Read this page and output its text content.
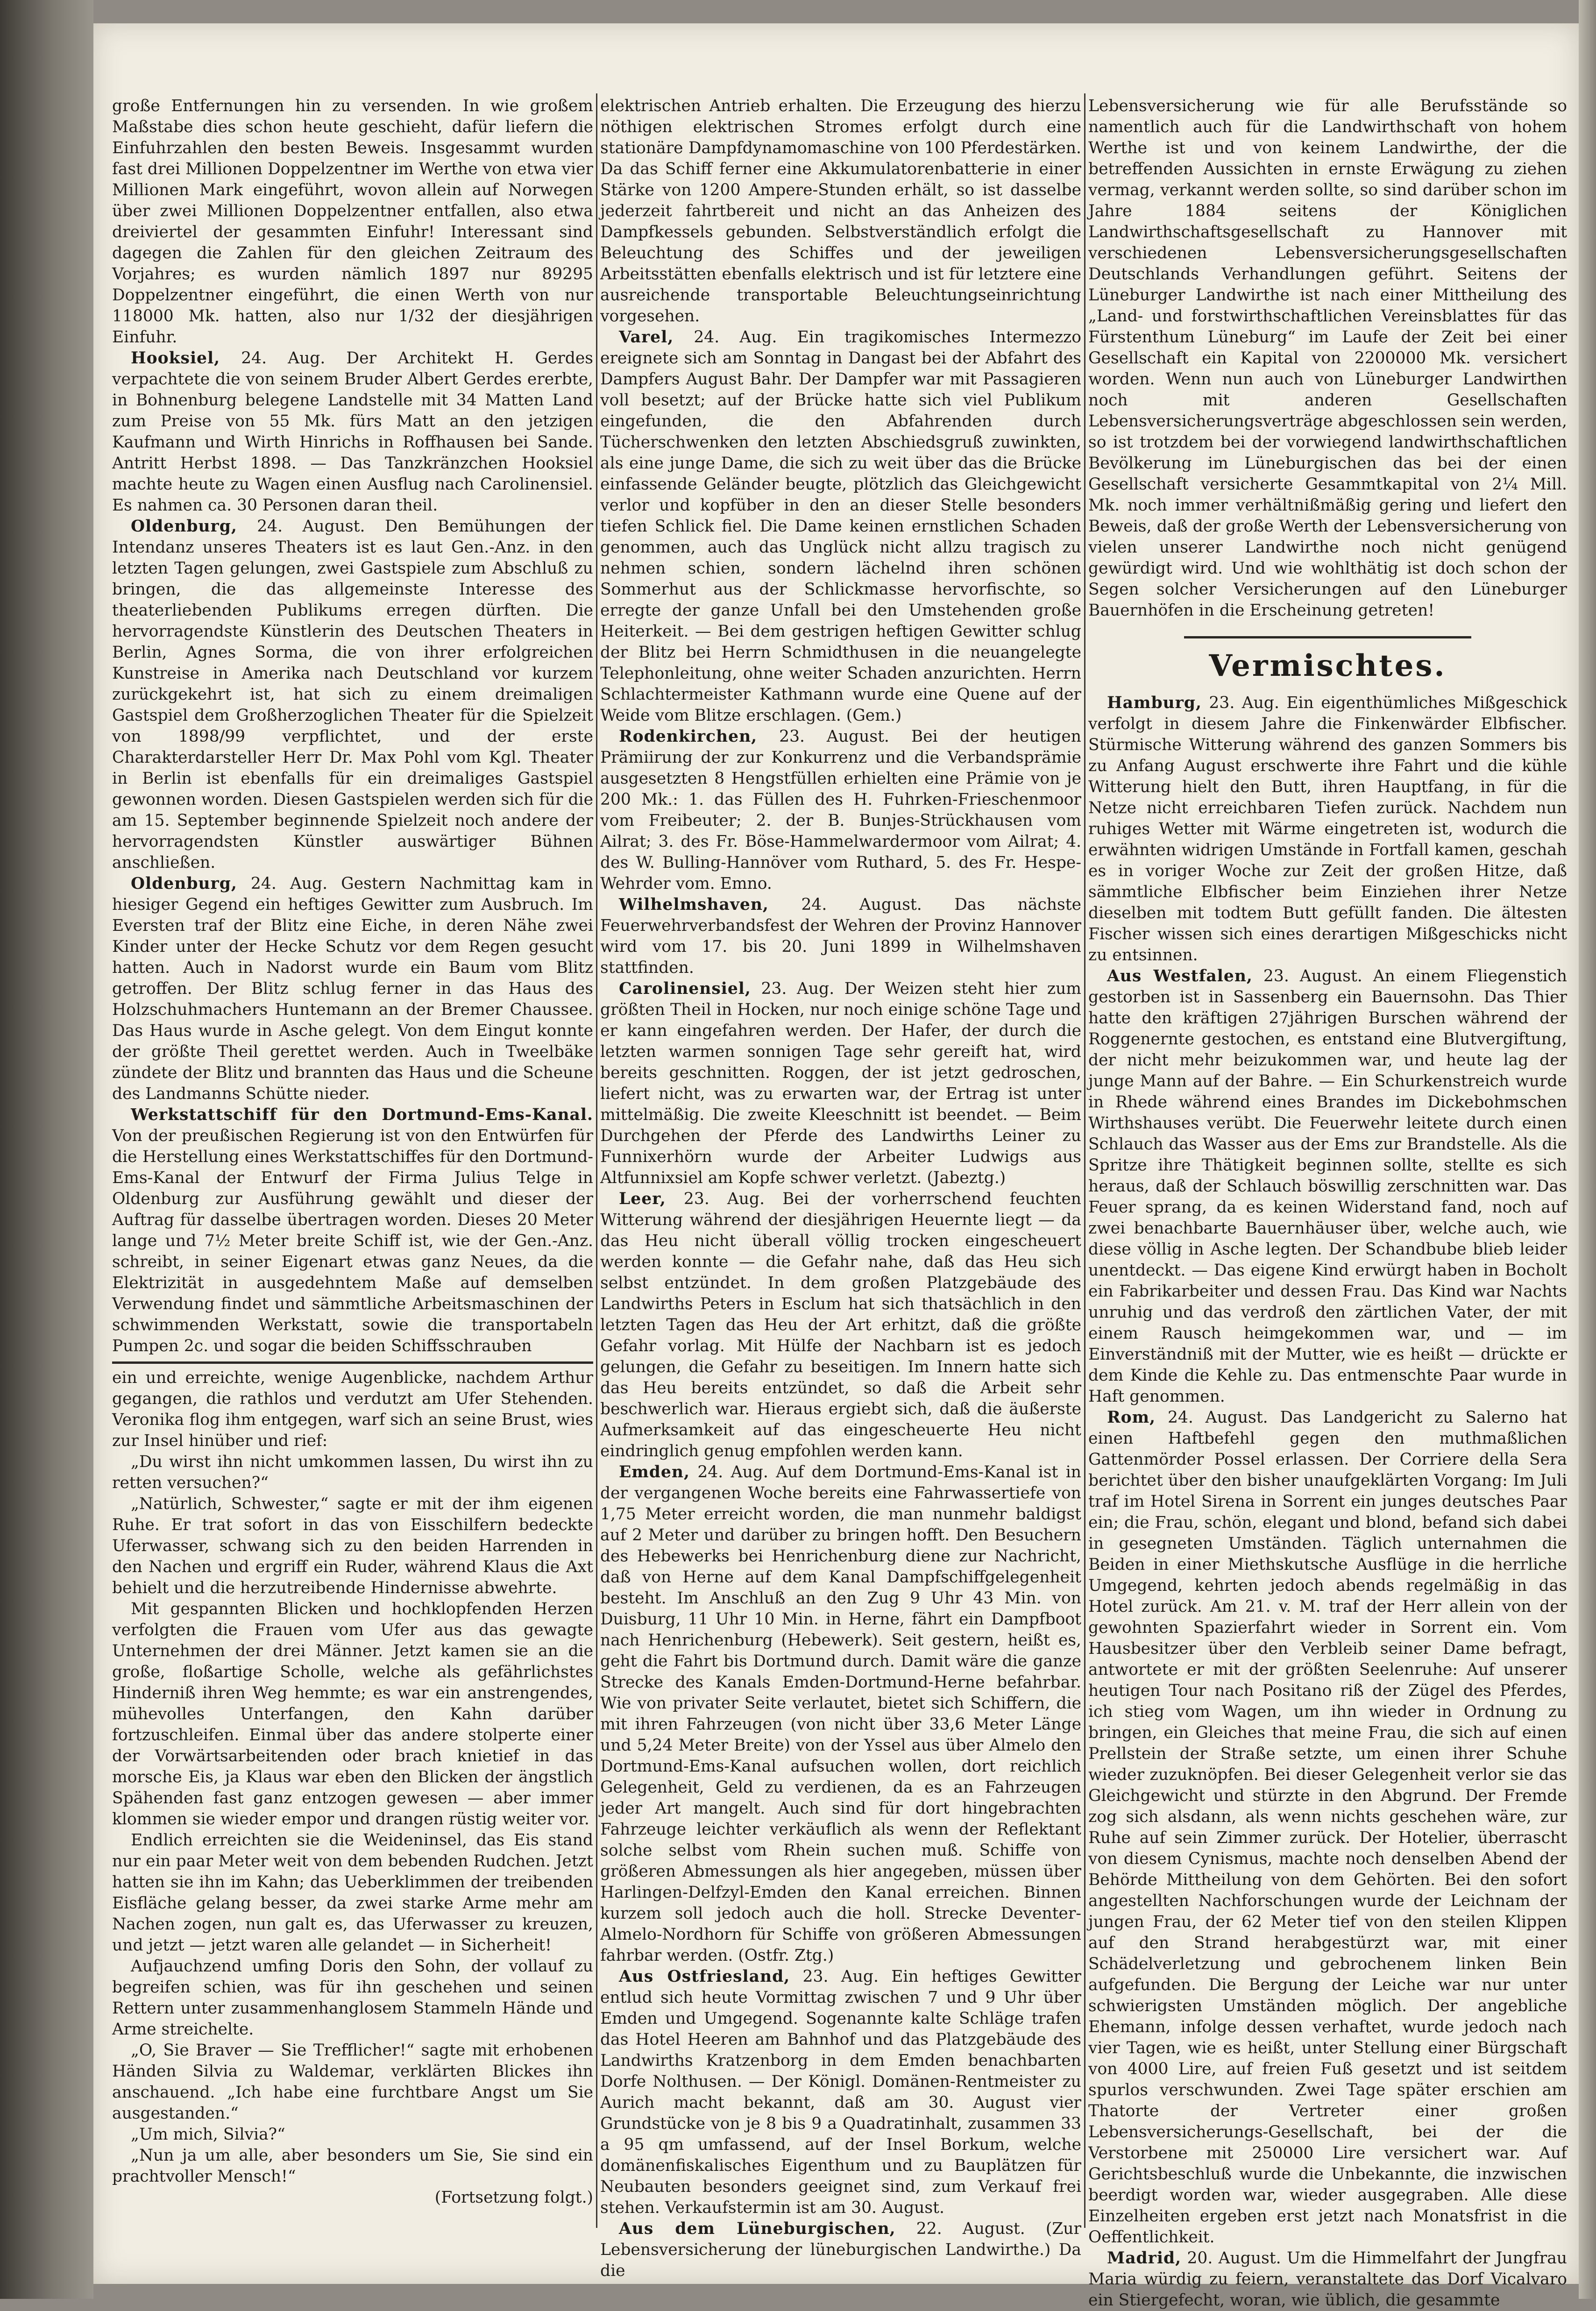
große Entfernungen hin zu versenden. In wie großem Maßstabe dies schon heute geschieht, dafür liefern die Einfuhrzahlen den besten Beweis. Insgesammt wurden fast drei Millionen Doppelzentner im Werthe von etwa vier Millionen Mark eingeführt, wovon allein auf Norwegen über zwei Millionen Doppelzentner entfallen, also etwa dreiviertel der gesammten Einfuhr! Interessant sind dagegen die Zahlen für den gleichen Zeitraum des Vorjahres; es wurden nämlich 1897 nur 89295 Doppelzentner eingeführt, die einen Werth von nur 118000 Mk. hatten, also nur 1/32 der diesjährigen Einfuhr.

Hooksiel, 24. Aug. Der Architekt H. Gerdes verpachtete die von seinem Bruder Albert Gerdes ererbte, in Bohnenburg belegene Landstelle mit 34 Matten Land zum Preise von 55 Mk. fürs Matt an den jetzigen Kaufmann und Wirth Hinrichs in Roffhausen bei Sande. Antritt Herbst 1898. — Das Tanzkränzchen Hooksiel machte heute zu Wagen einen Ausflug nach Carolinensiel. Es nahmen ca. 30 Personen daran theil.

Oldenburg, 24. August. Den Bemühungen der Intendanz unseres Theaters ist es laut Gen.-Anz. in den letzten Tagen gelungen, zwei Gastspiele zum Abschluß zu bringen, die das allgemeinste Interesse des theaterliebenden Publikums erregen dürften. Die hervorragendste Künstlerin des Deutschen Theaters in Berlin, Agnes Sorma, die von ihrer erfolgreichen Kunstreise in Amerika nach Deutschland vor kurzem zurückgekehrt ist, hat sich zu einem dreimaligen Gastspiel dem Großherzoglichen Theater für die Spielzeit von 1898/99 verpflichtet, und der erste Charakterdarsteller Herr Dr. Max Pohl vom Kgl. Theater in Berlin ist ebenfalls für ein dreimaliges Gastspiel gewonnen worden. Diesen Gastspielen werden sich für die am 15. September beginnende Spielzeit noch andere der hervorragendsten Künstler auswärtiger Bühnen anschließen.

Oldenburg, 24. Aug. Gestern Nachmittag kam in hiesiger Gegend ein heftiges Gewitter zum Ausbruch. Im Eversten traf der Blitz eine Eiche, in deren Nähe zwei Kinder unter der Hecke Schutz vor dem Regen gesucht hatten. Auch in Nadorst wurde ein Baum vom Blitz getroffen. Der Blitz schlug ferner in das Haus des Holzschuhmachers Huntemann an der Bremer Chaussee. Das Haus wurde in Asche gelegt. Von dem Eingut konnte der größte Theil gerettet werden. Auch in Tweelbäke zündete der Blitz und brannten das Haus und die Scheune des Landmanns Schütte nieder.

Werkstattschiff für den Dortmund-Ems-Kanal. Von der preußischen Regierung ist von den Entwürfen für die Herstellung eines Werkstattschiffes für den Dortmund-Ems-Kanal der Entwurf der Firma Julius Telge in Oldenburg zur Ausführung gewählt und dieser der Auftrag für dasselbe übertragen worden. Dieses 20 Meter lange und 7½ Meter breite Schiff ist, wie der Gen.-Anz. schreibt, in seiner Eigenart etwas ganz Neues, da die Elektrizität in ausgedehntem Maße auf demselben Verwendung findet und sämmtliche Arbeitsmaschinen der schwimmenden Werkstatt, sowie die transportabeln Pumpen 2c. und sogar die beiden Schiffsschrauben

ein und erreichte, wenige Augenblicke, nachdem Arthur gegangen, die rathlos und verdutzt am Ufer Stehenden. Veronika flog ihm entgegen, warf sich an seine Brust, wies zur Insel hinüber und rief:

„Du wirst ihn nicht umkommen lassen, Du wirst ihn zu retten versuchen?“

„Natürlich, Schwester,“ sagte er mit der ihm eigenen Ruhe. Er trat sofort in das von Eisschilfern bedeckte Uferwasser, schwang sich zu den beiden Harrenden in den Nachen und ergriff ein Ruder, während Klaus die Axt behielt und die herzutreibende Hindernisse abwehrte.

Mit gespannten Blicken und hochklopfenden Herzen verfolgten die Frauen vom Ufer aus das gewagte Unternehmen der drei Männer. Jetzt kamen sie an die große, floßartige Scholle, welche als gefährlichstes Hinderniß ihren Weg hemmte; es war ein anstrengendes, mühevolles Unterfangen, den Kahn darüber fortzuschleifen. Einmal über das andere stolperte einer der Vorwärtsarbeitenden oder brach knietief in das morsche Eis, ja Klaus war eben den Blicken der ängstlich Spähenden fast ganz entzogen gewesen — aber immer klommen sie wieder empor und drangen rüstig weiter vor.

Endlich erreichten sie die Weideninsel, das Eis stand nur ein paar Meter weit von dem bebenden Rudchen. Jetzt hatten sie ihn im Kahn; das Ueberklimmen der treibenden Eisfläche gelang besser, da zwei starke Arme mehr am Nachen zogen, nun galt es, das Uferwasser zu kreuzen, und jetzt — jetzt waren alle gelandet — in Sicherheit!

Aufjauchzend umfing Doris den Sohn, der vollauf zu begreifen schien, was für ihn geschehen und seinen Rettern unter zusammenhanglosem Stammeln Hände und Arme streichelte.

„O, Sie Braver — Sie Trefflicher!“ sagte mit erhobenen Händen Silvia zu Waldemar, verklärten Blickes ihn anschauend. „Ich habe eine furchtbare Angst um Sie ausgestanden.“

„Um mich, Silvia?“

„Nun ja um alle, aber besonders um Sie, Sie sind ein prachtvoller Mensch!“

(Fortsetzung folgt.)

elektrischen Antrieb erhalten. Die Erzeugung des hierzu nöthigen elektrischen Stromes erfolgt durch eine stationäre Dampfdynamomaschine von 100 Pferdestärken. Da das Schiff ferner eine Akkumulatorenbatterie in einer Stärke von 1200 Ampere-Stunden erhält, so ist dasselbe jederzeit fahrtbereit und nicht an das Anheizen des Dampfkessels gebunden. Selbstverständlich erfolgt die Beleuchtung des Schiffes und der jeweiligen Arbeitsstätten ebenfalls elektrisch und ist für letztere eine ausreichende transportable Beleuchtungseinrichtung vorgesehen.

Varel, 24. Aug. Ein tragikomisches Intermezzo ereignete sich am Sonntag in Dangast bei der Abfahrt des Dampfers August Bahr. Der Dampfer war mit Passagieren voll besetzt; auf der Brücke hatte sich viel Publikum eingefunden, die den Abfahrenden durch Tücherschwenken den letzten Abschiedsgruß zuwinkten, als eine junge Dame, die sich zu weit über das die Brücke einfassende Geländer beugte, plötzlich das Gleichgewicht verlor und kopfüber in den an dieser Stelle besonders tiefen Schlick fiel. Die Dame keinen ernstlichen Schaden genommen, auch das Unglück nicht allzu tragisch zu nehmen schien, sondern lächelnd ihren schönen Sommerhut aus der Schlickmasse hervorfischte, so erregte der ganze Unfall bei den Umstehenden große Heiterkeit. — Bei dem gestrigen heftigen Gewitter schlug der Blitz bei Herrn Schmidthusen in die neuangelegte Telephonleitung, ohne weiter Schaden anzurichten. Herrn Schlachtermeister Kathmann wurde eine Quene auf der Weide vom Blitze erschlagen. (Gem.)

Rodenkirchen, 23. August. Bei der heutigen Prämiirung der zur Konkurrenz und die Verbandsprämie ausgesetzten 8 Hengstfüllen erhielten eine Prämie von je 200 Mk.: 1. das Füllen des H. Fuhrken-Frieschenmoor vom Freibeuter; 2. der B. Bunjes-Strückhausen vom Ailrat; 3. des Fr. Böse-Hammelwardermoor vom Ailrat; 4. des W. Bulling-Hannöver vom Ruthard, 5. des Fr. Hespe-Wehrder vom. Emno.

Wilhelmshaven, 24. August. Das nächste Feuerwehrverbandsfest der Wehren der Provinz Hannover wird vom 17. bis 20. Juni 1899 in Wilhelmshaven stattfinden.

Carolinensiel, 23. Aug. Der Weizen steht hier zum größten Theil in Hocken, nur noch einige schöne Tage und er kann eingefahren werden. Der Hafer, der durch die letzten warmen sonnigen Tage sehr gereift hat, wird bereits geschnitten. Roggen, der ist jetzt gedroschen, liefert nicht, was zu erwarten war, der Ertrag ist unter mittelmäßig. Die zweite Kleeschnitt ist beendet. — Beim Durchgehen der Pferde des Landwirths Leiner zu Funnixerhörn wurde der Arbeiter Ludwigs aus Altfunnixsiel am Kopfe schwer verletzt. (Jabeztg.)

Leer, 23. Aug. Bei der vorherrschend feuchten Witterung während der diesjährigen Heuernte liegt — da das Heu nicht überall völlig trocken eingescheuert werden konnte — die Gefahr nahe, daß das Heu sich selbst entzündet. In dem großen Platzgebäude des Landwirths Peters in Esclum hat sich thatsächlich in den letzten Tagen das Heu der Art erhitzt, daß die größte Gefahr vorlag. Mit Hülfe der Nachbarn ist es jedoch gelungen, die Gefahr zu beseitigen. Im Innern hatte sich das Heu bereits entzündet, so daß die Arbeit sehr beschwerlich war. Hieraus ergiebt sich, daß die äußerste Aufmerksamkeit auf das eingescheuerte Heu nicht eindringlich genug empfohlen werden kann.

Emden, 24. Aug. Auf dem Dortmund-Ems-Kanal ist in der vergangenen Woche bereits eine Fahrwassertiefe von 1,75 Meter erreicht worden, die man nunmehr baldigst auf 2 Meter und darüber zu bringen hofft. Den Besuchern des Hebewerks bei Henrichenburg diene zur Nachricht, daß von Herne auf dem Kanal Dampfschiffgelegenheit besteht. Im Anschluß an den Zug 9 Uhr 43 Min. von Duisburg, 11 Uhr 10 Min. in Herne, fährt ein Dampfboot nach Henrichenburg (Hebewerk). Seit gestern, heißt es, geht die Fahrt bis Dortmund durch. Damit wäre die ganze Strecke des Kanals Emden-Dortmund-Herne befahrbar. Wie von privater Seite verlautet, bietet sich Schiffern, die mit ihren Fahrzeugen (von nicht über 33,6 Meter Länge und 5,24 Meter Breite) von der Yssel aus über Almelo den Dortmund-Ems-Kanal aufsuchen wollen, dort reichlich Gelegenheit, Geld zu verdienen, da es an Fahrzeugen jeder Art mangelt. Auch sind für dort hingebrachten Fahrzeuge leichter verkäuflich als wenn der Reflektant solche selbst vom Rhein suchen muß. Schiffe von größeren Abmessungen als hier angegeben, müssen über Harlingen-Delfzyl-Emden den Kanal erreichen. Binnen kurzem soll jedoch auch die holl. Strecke Deventer-Almelo-Nordhorn für Schiffe von größeren Abmessungen fahrbar werden. (Ostfr. Ztg.)

Aus Ostfriesland, 23. Aug. Ein heftiges Gewitter entlud sich heute Vormittag zwischen 7 und 9 Uhr über Emden und Umgegend. Sogenannte kalte Schläge trafen das Hotel Heeren am Bahnhof und das Platzgebäude des Landwirths Kratzenborg in dem Emden benachbarten Dorfe Nolthusen. — Der Königl. Domänen-Rentmeister zu Aurich macht bekannt, daß am 30. August vier Grundstücke von je 8 bis 9 a Quadratinhalt, zusammen 33 a 95 qm umfassend, auf der Insel Borkum, welche domänenfiskalisches Eigenthum und zu Bauplätzen für Neubauten besonders geeignet sind, zum Verkauf frei stehen. Verkaufstermin ist am 30. August.

Aus dem Lüneburgischen, 22. August. (Zur Lebensversicherung der lüneburgischen Landwirthe.) Da die

Lebensversicherung wie für alle Berufsstände so namentlich auch für die Landwirthschaft von hohem Werthe ist und von keinem Landwirthe, der die betreffenden Aussichten in ernste Erwägung zu ziehen vermag, verkannt werden sollte, so sind darüber schon im Jahre 1884 seitens der Königlichen Landwirthschaftsgesellschaft zu Hannover mit verschiedenen Lebensversicherungsgesellschaften Deutschlands Verhandlungen geführt. Seitens der Lüneburger Landwirthe ist nach einer Mittheilung des „Land- und forstwirthschaftlichen Vereinsblattes für das Fürstenthum Lüneburg“ im Laufe der Zeit bei einer Gesellschaft ein Kapital von 2200000 Mk. versichert worden. Wenn nun auch von Lüneburger Landwirthen noch mit anderen Gesellschaften Lebensversicherungsverträge abgeschlossen sein werden, so ist trotzdem bei der vorwiegend landwirthschaftlichen Bevölkerung im Lüneburgischen das bei der einen Gesellschaft versicherte Gesammtkapital von 2¼ Mill. Mk. noch immer verhältnißmäßig gering und liefert den Beweis, daß der große Werth der Lebensversicherung von vielen unserer Landwirthe noch nicht genügend gewürdigt wird. Und wie wohlthätig ist doch schon der Segen solcher Versicherungen auf den Lüneburger Bauernhöfen in die Erscheinung getreten!

Vermischtes.

Hamburg, 23. Aug. Ein eigenthümliches Mißgeschick verfolgt in diesem Jahre die Finkenwärder Elbfischer. Stürmische Witterung während des ganzen Sommers bis zu Anfang August erschwerte ihre Fahrt und die kühle Witterung hielt den Butt, ihren Hauptfang, in für die Netze nicht erreichbaren Tiefen zurück. Nachdem nun ruhiges Wetter mit Wärme eingetreten ist, wodurch die erwähnten widrigen Umstände in Fortfall kamen, geschah es in voriger Woche zur Zeit der großen Hitze, daß sämmtliche Elbfischer beim Einziehen ihrer Netze dieselben mit todtem Butt gefüllt fanden. Die ältesten Fischer wissen sich eines derartigen Mißgeschicks nicht zu entsinnen.

Aus Westfalen, 23. August. An einem Fliegenstich gestorben ist in Sassenberg ein Bauernsohn. Das Thier hatte den kräftigen 27jährigen Burschen während der Roggenernte gestochen, es entstand eine Blutvergiftung, der nicht mehr beizukommen war, und heute lag der junge Mann auf der Bahre. — Ein Schurkenstreich wurde in Rhede während eines Brandes im Dickebohmschen Wirthshauses verübt. Die Feuerwehr leitete durch einen Schlauch das Wasser aus der Ems zur Brandstelle. Als die Spritze ihre Thätigkeit beginnen sollte, stellte es sich heraus, daß der Schlauch böswillig zerschnitten war. Das Feuer sprang, da es keinen Widerstand fand, noch auf zwei benachbarte Bauernhäuser über, welche auch, wie diese völlig in Asche legten. Der Schandbube blieb leider unentdeckt. — Das eigene Kind erwürgt haben in Bocholt ein Fabrikarbeiter und dessen Frau. Das Kind war Nachts unruhig und das verdroß den zärtlichen Vater, der mit einem Rausch heimgekommen war, und — im Einverständniß mit der Mutter, wie es heißt — drückte er dem Kinde die Kehle zu. Das entmenschte Paar wurde in Haft genommen.

Rom, 24. August. Das Landgericht zu Salerno hat einen Haftbefehl gegen den muthmaßlichen Gattenmörder Possel erlassen. Der Corriere della Sera berichtet über den bisher unaufgeklärten Vorgang: Im Juli traf im Hotel Sirena in Sorrent ein junges deutsches Paar ein; die Frau, schön, elegant und blond, befand sich dabei in gesegneten Umständen. Täglich unternahmen die Beiden in einer Miethskutsche Ausflüge in die herrliche Umgegend, kehrten jedoch abends regelmäßig in das Hotel zurück. Am 21. v. M. traf der Herr allein von der gewohnten Spazierfahrt wieder in Sorrent ein. Vom Hausbesitzer über den Verbleib seiner Dame befragt, antwortete er mit der größten Seelenruhe: Auf unserer heutigen Tour nach Positano riß der Zügel des Pferdes, ich stieg vom Wagen, um ihn wieder in Ordnung zu bringen, ein Gleiches that meine Frau, die sich auf einen Prellstein der Straße setzte, um einen ihrer Schuhe wieder zuzuknöpfen. Bei dieser Gelegenheit verlor sie das Gleichgewicht und stürzte in den Abgrund. Der Fremde zog sich alsdann, als wenn nichts geschehen wäre, zur Ruhe auf sein Zimmer zurück. Der Hotelier, überrascht von diesem Cynismus, machte noch denselben Abend der Behörde Mittheilung von dem Gehörten. Bei den sofort angestellten Nachforschungen wurde der Leichnam der jungen Frau, der 62 Meter tief von den steilen Klippen auf den Strand herabgestürzt war, mit einer Schädelverletzung und gebrochenem linken Bein aufgefunden. Die Bergung der Leiche war nur unter schwierigsten Umständen möglich. Der angebliche Ehemann, infolge dessen verhaftet, wurde jedoch nach vier Tagen, wie es heißt, unter Stellung einer Bürgschaft von 4000 Lire, auf freien Fuß gesetzt und ist seitdem spurlos verschwunden. Zwei Tage später erschien am Thatorte der Vertreter einer großen Lebensversicherungs-Gesellschaft, bei der die Verstorbene mit 250000 Lire versichert war. Auf Gerichtsbeschluß wurde die Unbekannte, die inzwischen beerdigt worden war, wieder ausgegraben. Alle diese Einzelheiten ergeben erst jetzt nach Monatsfrist in die Oeffentlichkeit.

Madrid, 20. August. Um die Himmelfahrt der Jungfrau Maria würdig zu feiern, veranstaltete das Dorf Vicalvaro ein Stiergefecht, woran, wie üblich, die gesammte
